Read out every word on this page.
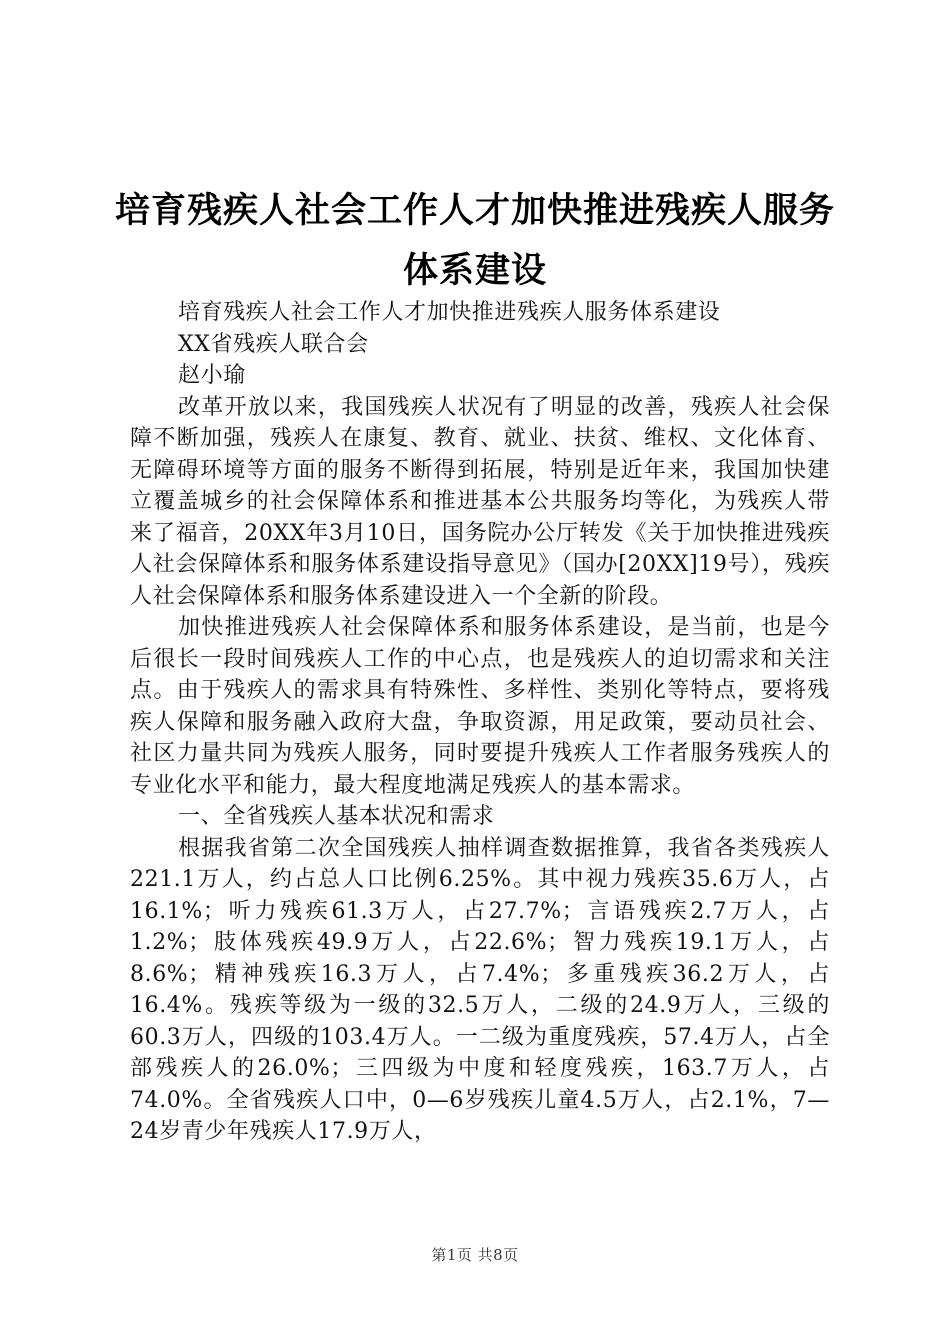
培育残疾人社会工作人才加快推进残疾人服务
体系建设

培育残疾人社会工作人才加快推进残疾人服务体系建设

XX省残疾人联合会

赵小瑜

改革开放以来，我国残疾人状况有了明显的改善，残疾人社会保障不断加强，残疾人在康复、教育、就业、扶贫、维权、文化体育、无障碍环境等方面的服务不断得到拓展，特别是近年来，我国加快建立覆盖城乡的社会保障体系和推进基本公共服务均等化，为残疾人带来了福音，20XX年3月10日，国务院办公厅转发《关于加快推进残疾人社会保障体系和服务体系建设指导意见》（国办[20XX]19号），残疾人社会保障体系和服务体系建设进入一个全新的阶段。

加快推进残疾人社会保障体系和服务体系建设，是当前，也是今后很长一段时间残疾人工作的中心点，也是残疾人的迫切需求和关注点。由于残疾人的需求具有特殊性、多样性、类别化等特点，要将残疾人保障和服务融入政府大盘，争取资源，用足政策，要动员社会、社区力量共同为残疾人服务，同时要提升残疾人工作者服务残疾人的专业化水平和能力，最大程度地满足残疾人的基本需求。

一、全省残疾人基本状况和需求

根据我省第二次全国残疾人抽样调查数据推算，我省各类残疾人221.1万人，约占总人口比例6.25%。其中视力残疾35.6万人，占16.1%；听力残疾61.3万人，占27.7%；言语残疾2.7万人，占1.2%；肢体残疾49.9万人，占22.6%；智力残疾19.1万人，占8.6%；精神残疾16.3万人，占7.4%；多重残疾36.2万人，占16.4%。残疾等级为一级的32.5万人，二级的24.9万人，三级的60.3万人，四级的103.4万人。一二级为重度残疾，57.4万人，占全部残疾人的26.0%；三四级为中度和轻度残疾，163.7万人，占74.0%。全省残疾人口中，0—6岁残疾儿童4.5万人，占2.1%，7—24岁青少年残疾人17.9万人，

第1页 共8页
